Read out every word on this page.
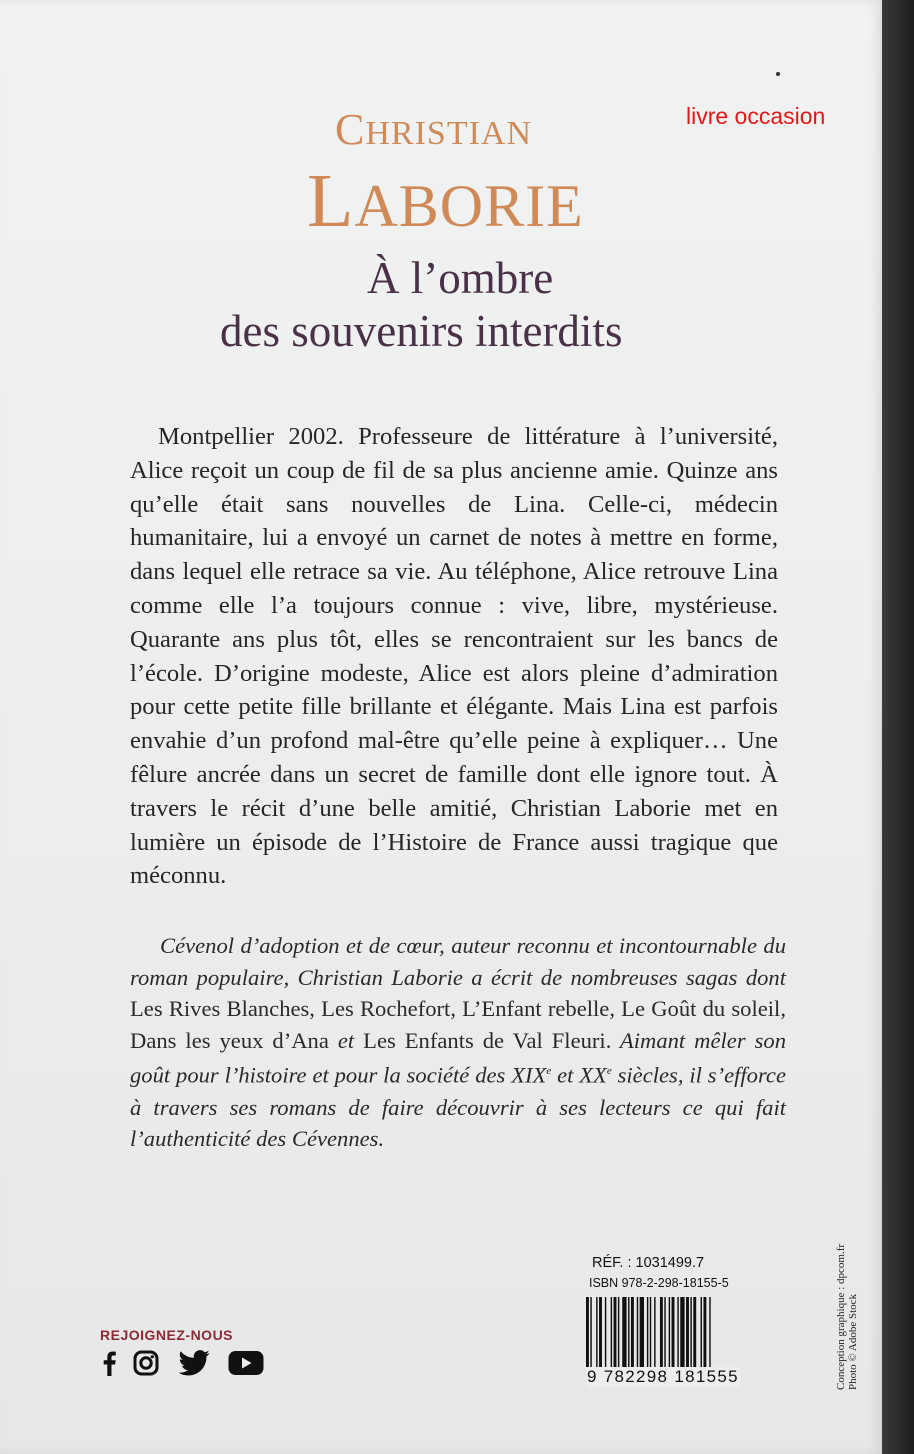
livre occasion
CHRISTIAN
LABORIE
À l’ombre
des souvenirs interdits

Montpellier 2002. Professeure de littérature à l’université, Alice reçoit un coup de fil de sa plus ancienne amie. Quinze ans qu’elle était sans nouvelles de Lina. Celle-ci, médecin humanitaire, lui a envoyé un carnet de notes à mettre en forme, dans lequel elle retrace sa vie. Au téléphone, Alice retrouve Lina comme elle l’a toujours connue : vive, libre, mystérieuse. Quarante ans plus tôt, elles se rencontraient sur les bancs de l’école. D’origine modeste, Alice est alors pleine d’admiration pour cette petite fille brillante et élégante. Mais Lina est parfois envahie d’un profond mal-être qu’elle peine à expliquer… Une fêlure ancrée dans un secret de famille dont elle ignore tout. À travers le récit d’une belle amitié, Christian Laborie met en lumière un épisode de l’Histoire de France aussi tragique que méconnu.

Cévenol d’adoption et de cœur, auteur reconnu et incontournable du roman populaire, Christian Laborie a écrit de nombreuses sagas dont Les Rives Blanches, Les Rochefort, L’Enfant rebelle, Le Goût du soleil, Dans les yeux d’Ana et Les Enfants de Val Fleuri. Aimant mêler son goût pour l’histoire et pour la société des XIXe et XXe siècles, il s’efforce à travers ses romans de faire découvrir à ses lecteurs ce qui fait l’authenticité des Cévennes.

RÉF. : 1031499.7
ISBN 978-2-298-18155-5
9 782298 181555	Conception graphique : dpcom.fr Photo © Adobe Stock
REJOIGNEZ-NOUS
